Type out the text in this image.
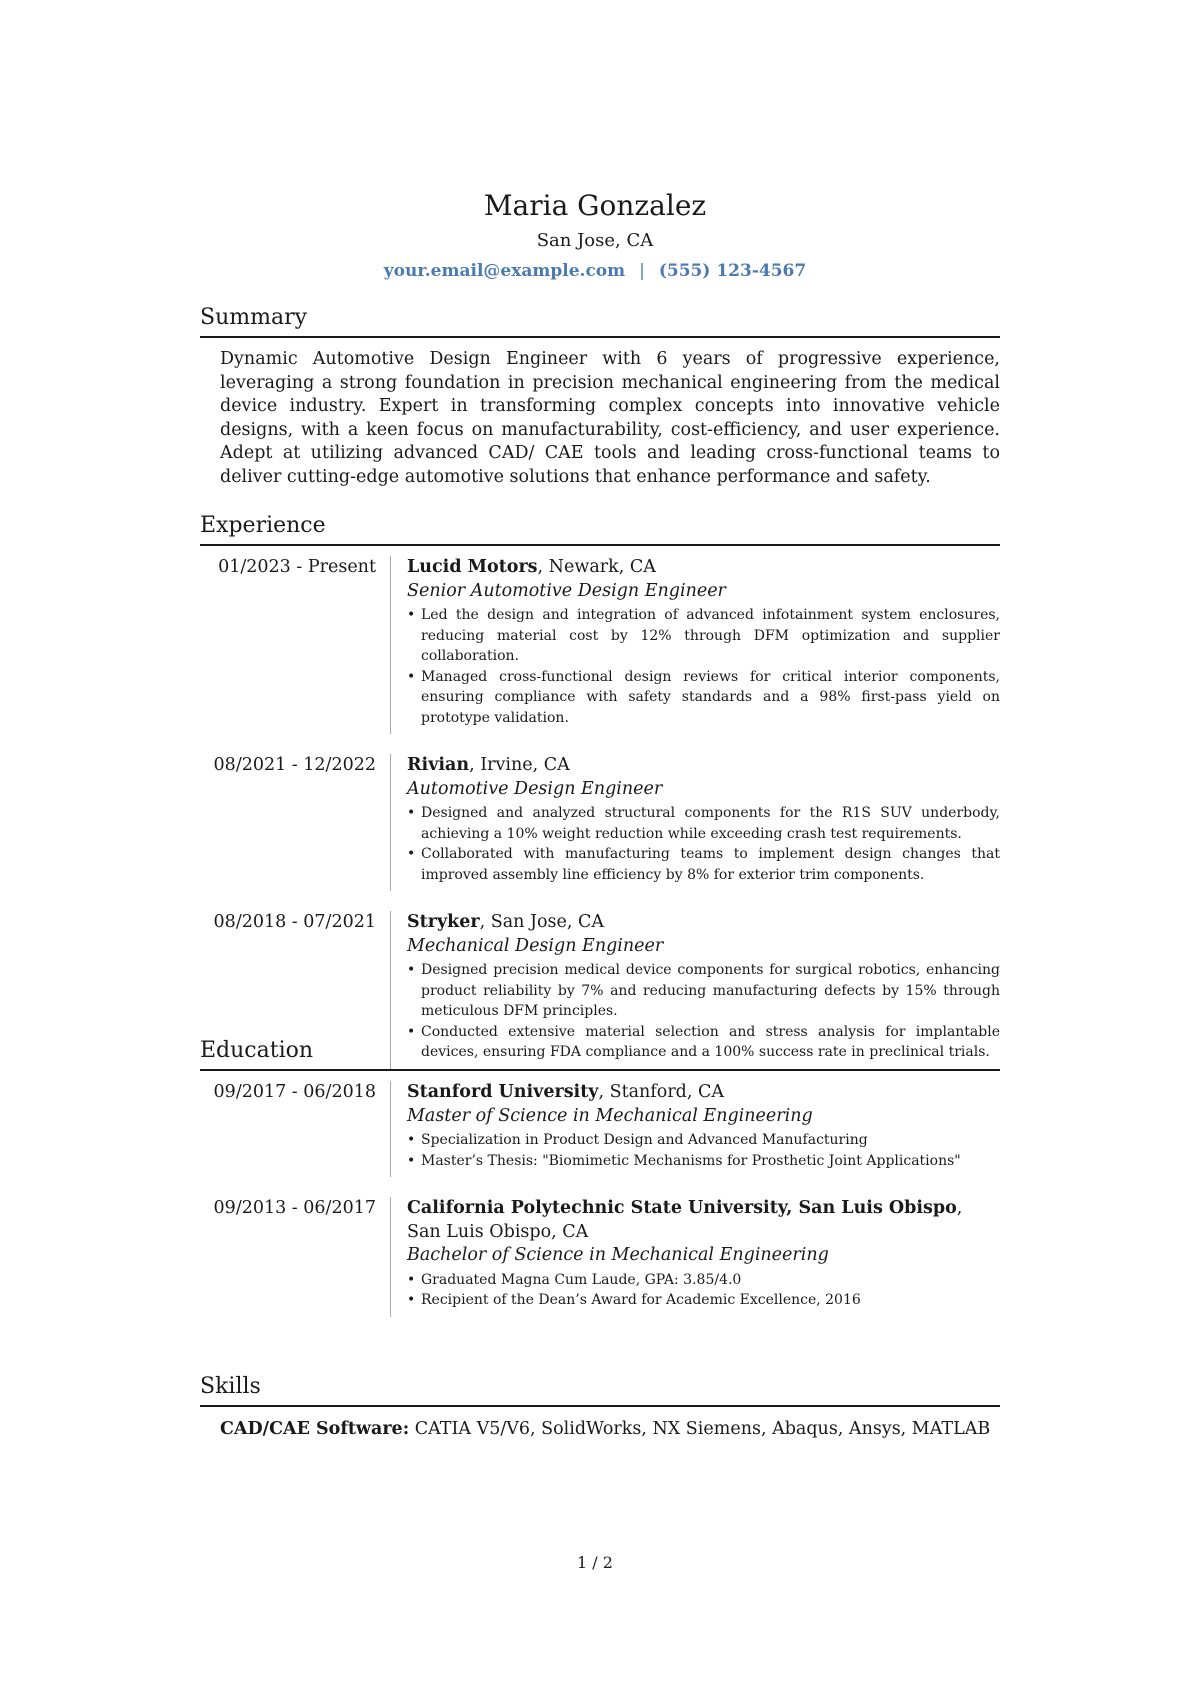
Maria Gonzalez
San Jose, CA
your.email@example.com | (555) 123-4567
Summary
Dynamic Automotive Design Engineer with 6 years of progressive experience, leveraging a strong foundation in precision mechanical engineering from the medical device industry. Expert in transforming complex concepts into innovative vehicle designs, with a keen focus on manufacturability, cost-efficiency, and user experience. Adept at utilizing advanced CAD/ CAE tools and leading cross-functional teams to deliver cutting-edge automotive solutions that enhance performance and safety.
Experience
01/2023 - Present	Lucid Motors, Newark, CA
Senior Automotive Design Engineer
• Led the design and integration of advanced infotainment system enclosures, reducing material cost by 12% through DFM optimization and supplier collaboration.
• Managed cross-functional design reviews for critical interior components, ensuring compliance with safety standards and a 98% first-pass yield on prototype validation.
08/2021 - 12/2022	Rivian, Irvine, CA
Automotive Design Engineer
• Designed and analyzed structural components for the R1S SUV underbody, achieving a 10% weight reduction while exceeding crash test requirements.
• Collaborated with manufacturing teams to implement design changes that improved assembly line efficiency by 8% for exterior trim components.
08/2018 - 07/2021	Stryker, San Jose, CA
Mechanical Design Engineer
• Designed precision medical device components for surgical robotics, enhancing product reliability by 7% and reducing manufacturing defects by 15% through meticulous DFM principles.
• Conducted extensive material selection and stress analysis for implantable devices, ensuring FDA compliance and a 100% success rate in preclinical trials.
Education
09/2017 - 06/2018	Stanford University, Stanford, CA
Master of Science in Mechanical Engineering
• Specialization in Product Design and Advanced Manufacturing
• Master’s Thesis: "Biomimetic Mechanisms for Prosthetic Joint Applications"
09/2013 - 06/2017	California Polytechnic State University, San Luis Obispo, San Luis Obispo, CA
Bachelor of Science in Mechanical Engineering
• Graduated Magna Cum Laude, GPA: 3.85/4.0
• Recipient of the Dean’s Award for Academic Excellence, 2016
Skills
CAD/CAE Software: CATIA V5/V6, SolidWorks, NX Siemens, Abaqus, Ansys, MATLAB
1 / 2
